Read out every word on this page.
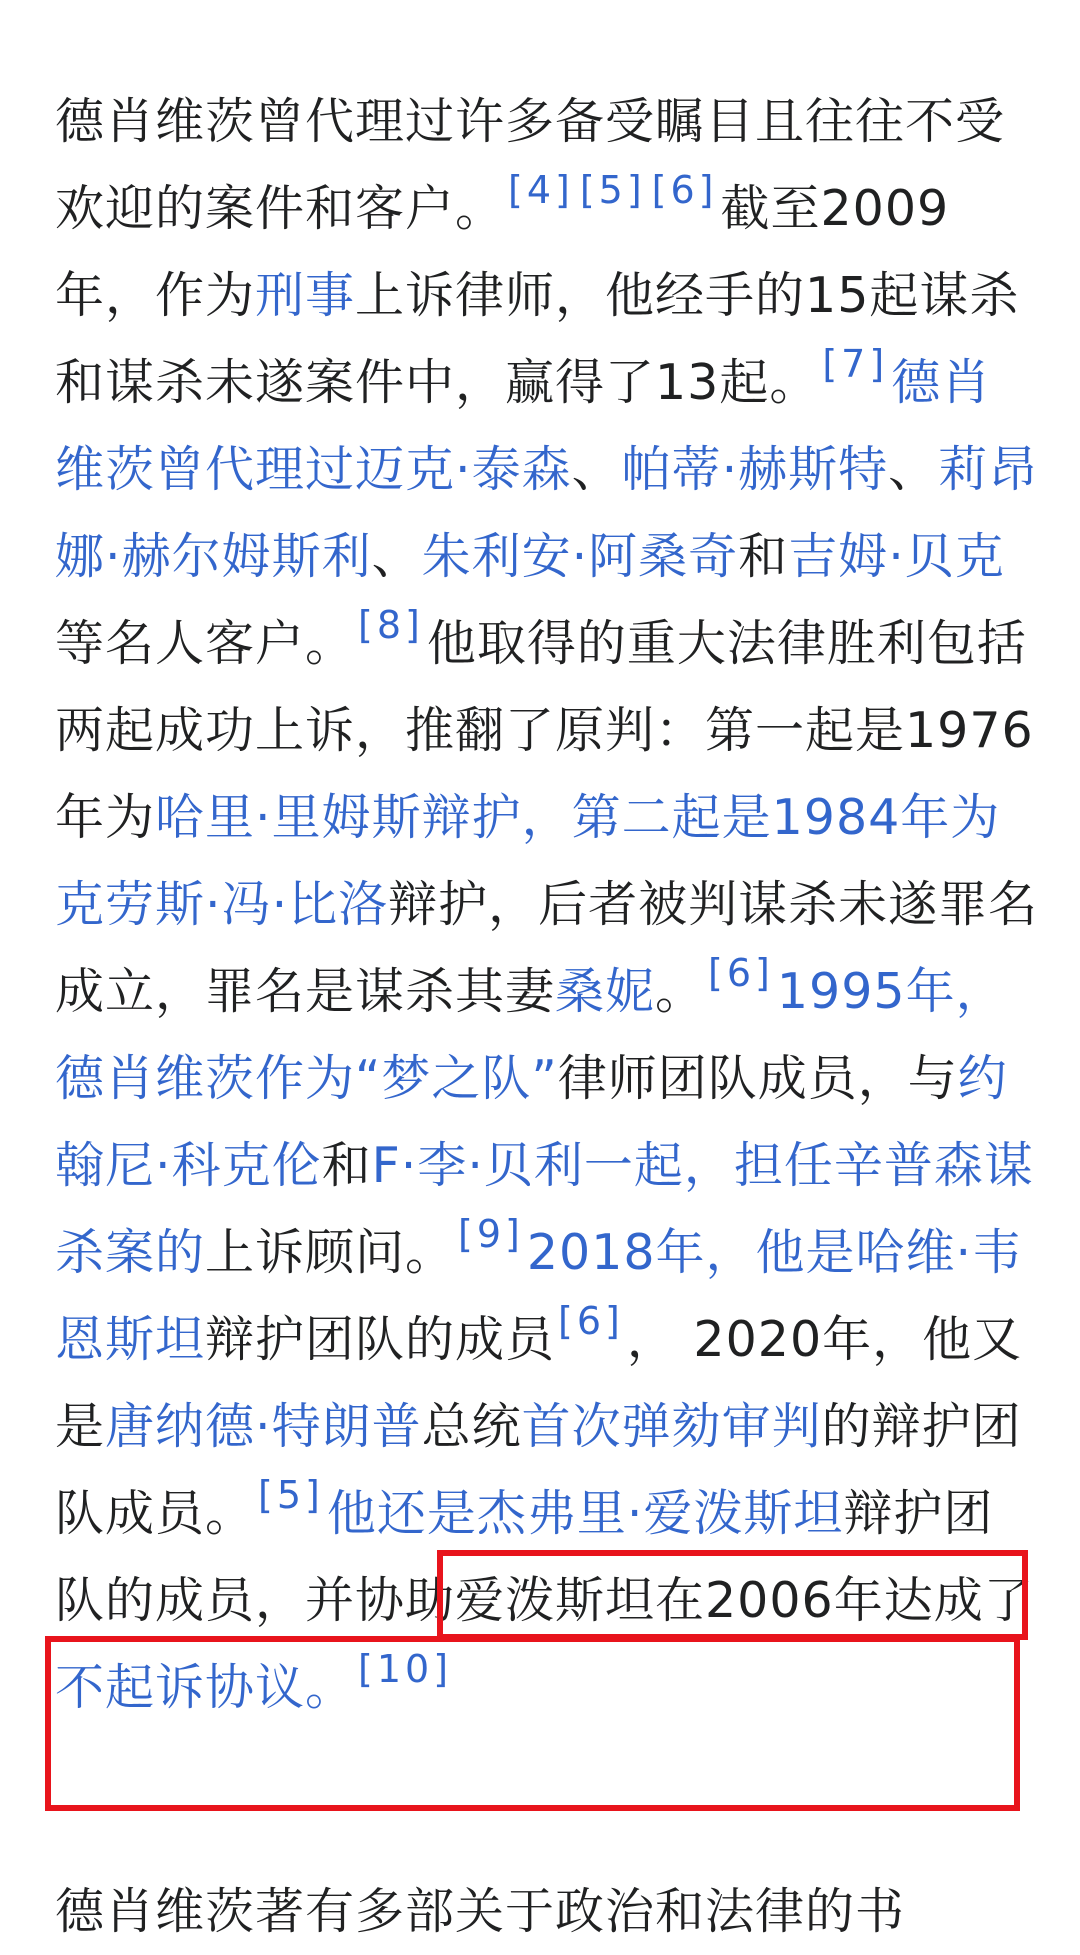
德肖维茨曾代理过许多备受瞩目且往往不受欢迎的案件和客户。[4] [5] [6]截至2009年，作为刑事上诉律师，他经手的15起谋杀和谋杀未遂案件中，赢得了13起。[7]德肖维茨曾代理过迈克·泰森、帕蒂·赫斯特、莉昂娜·赫尔姆斯利、朱利安·阿桑奇和吉姆·贝克等名人客户。[8]他取得的重大法律胜利包括两起成功上诉，推翻了原判：第一起是1976年为哈里·里姆斯辩护，第二起是1984年为克劳斯·冯·比洛辩护，后者被判谋杀未遂罪名成立，罪名是谋杀其妻桑妮。[6]1995年，德肖维茨作为“梦之队”律师团队成员，与约翰尼·科克伦和F·李·贝利一起，担任辛普森谋杀案的上诉顾问。[9]2018年，他是哈维·韦恩斯坦辩护团队的成员[6]， 2020年，他又是唐纳德·特朗普总统首次弹劾审判的辩护团队成员。[5]他还是杰弗里·爱泼斯坦辩护团队的成员，并协助爱泼斯坦在2006年达成了不起诉协议。[10]

德肖维茨著有多部关于政治和法律的书
